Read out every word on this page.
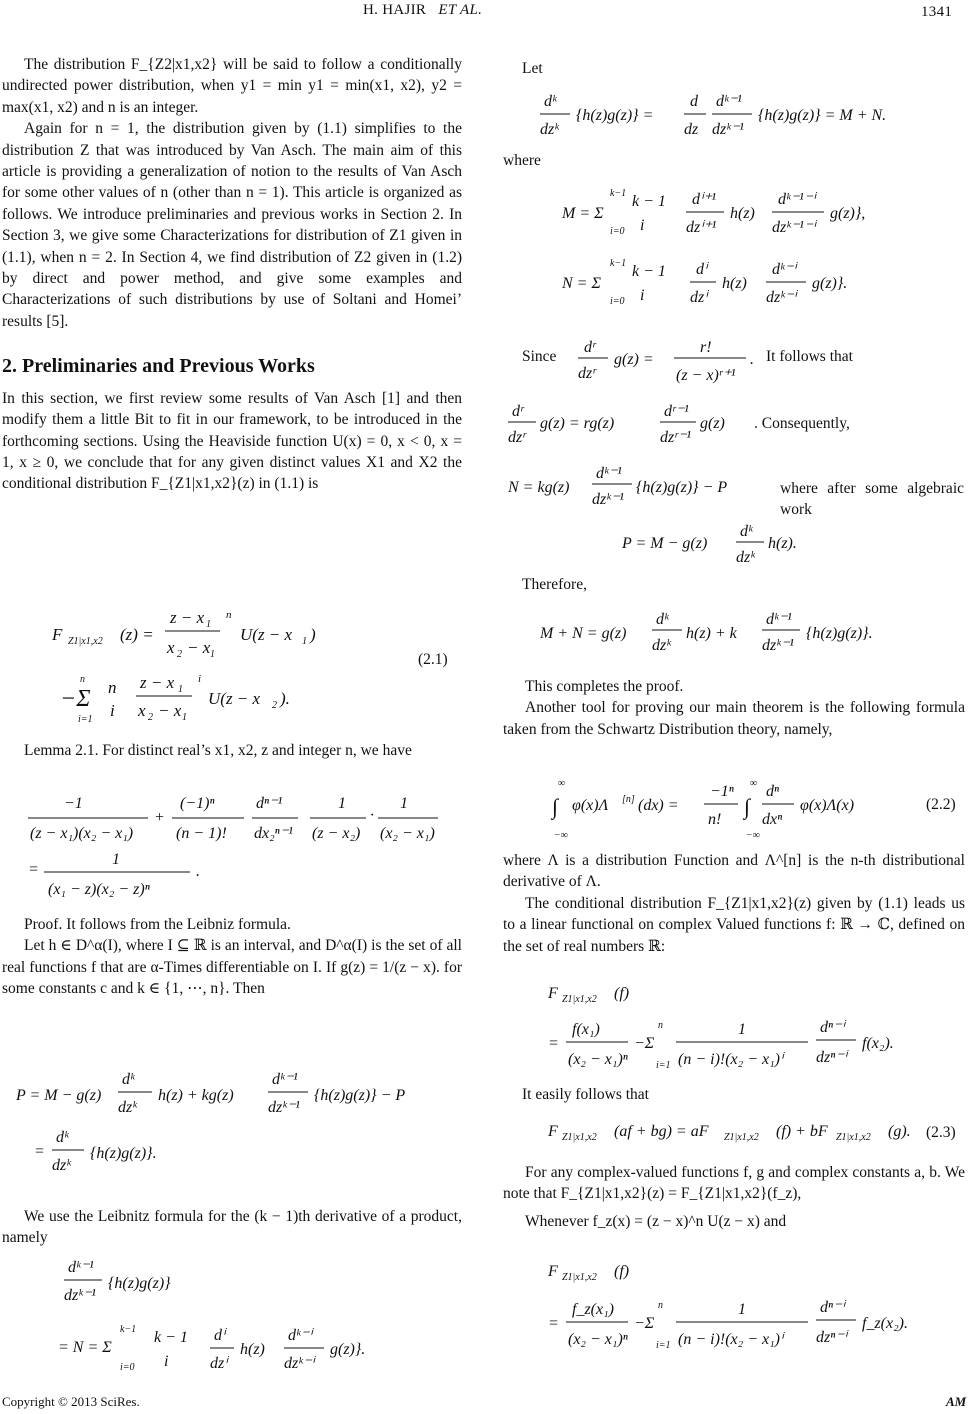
H. HAJIR ET AL.	1341

The distribution F_{Z2|x1,x2} will be said to follow a conditionally undirected power distribution, when y1 = min y1 = min(x1, x2), y2 = max(x1, x2) and n is an integer.

Again for n = 1, the distribution given by (1.1) simplifies to the distribution Z that was introduced by Van Asch. The main aim of this article is providing a generalization of notion to the results of Van Asch for some other values of n (other than n = 1). This article is organized as follows. We introduce preliminaries and previous works in Section 2. In Section 3, we give some Characterizations for distribution of Z1 given in (1.1), when n = 2. In Section 4, we find distribution of Z2 given in (1.2) by direct and power method, and give some examples and Characterizations of such distributions by use of Soltani and Homei’ results [5].

2. Preliminaries and Previous Works

In this section, we first review some results of Van Asch [1] and then modify them a little Bit to fit in our framework, to be introduced in the forthcoming sections. Using the Heaviside function U(x) = 0, x < 0, x = 1, x ≥ 0, we conclude that for any given distinct values X1 and X2 the conditional distribution F_{Z1|x1,x2}(z) in (1.1) is

F Z1|x1,x2 (z) =
z − x 1
x 2 − x 1
n
U(z − x 1 )
−Σ
n
i=1
n
i
z − x 1
x 2 − x 1
i
U(z − x 2 ).
(2.1)

Lemma 2.1. For distinct real’s x1, x2, z and integer n, we have

−1
(z − x₁)(x₂ − x₁)
+
(−1)ⁿ
(n − 1)!
dⁿ⁻¹
dx₂ⁿ⁻¹
1
(z − x₂)
·
1
(x₂ − x₁)
=
1
(x₁ − z)(x₂ − z)ⁿ
.

Proof. It follows from the Leibniz formula.

Let h ∈ D^α(I), where I ⊆ ℝ is an interval, and D^α(I) is the set of all real functions f that are α-Times differentiable on I. If g(z) = 1/(z − x). for some constants c and k ∈ {1, ⋯, n}. Then

P = M − g(z)
dᵏ
dzᵏ
h(z) + kg(z)
dᵏ⁻¹
dzᵏ⁻¹
{h(z)g(z)} − P
=
dᵏ
dzᵏ
{h(z)g(z)}.

We use the Leibnitz formula for the (k − 1)th derivative of a product, namely

dᵏ⁻¹
dzᵏ⁻¹
{h(z)g(z)}
= N = Σ
k−1
i=0
k − 1
i
dⁱ
dzⁱ
h(z)
dᵏ⁻ⁱ
dzᵏ⁻ⁱ
g(z)}.
Let
dᵏ
dzᵏ
{h(z)g(z)} =
d
dz
dᵏ⁻¹
dzᵏ⁻¹
{h(z)g(z)} = M + N.
where
M = Σ
k−1
i=0
k − 1
i
dⁱ⁺¹
dzⁱ⁺¹
h(z)
dᵏ⁻¹⁻ⁱ
dzᵏ⁻¹⁻ⁱ
g(z)},
N = Σ
k−1
i=0
k − 1
i
dⁱ
dzⁱ
h(z)
dᵏ⁻ⁱ
dzᵏ⁻ⁱ
g(z)}.
Since
dʳ
dzʳ
g(z) =
r!
(z − x)ʳ⁺¹
. It follows that
dʳ
dzʳ
g(z) = rg(z)
dʳ⁻¹
dzʳ⁻¹
g(z) . Consequently,
N = kg(z)
dᵏ⁻¹
dzᵏ⁻¹
{h(z)g(z)} − P	where after some algebraic work
P = M − g(z)
dᵏ
dzᵏ
h(z).
Therefore,
M + N = g(z)
dᵏ
dzᵏ
h(z) + k
dᵏ⁻¹
dzᵏ⁻¹
{h(z)g(z)}.

This completes the proof.

Another tool for proving our main theorem is the following formula taken from the Schwartz Distribution theory, namely,

∫
∞
−∞
φ(x)Λ [n] (dx) =
−1ⁿ
n!
∫
∞
−∞
dⁿ
dxⁿ
φ(x)Λ(x)	(2.2)

where Λ is a distribution Function and Λ^[n] is the n-th distributional derivative of Λ.

The conditional distribution F_{Z1|x1,x2}(z) given by (1.1) leads us to a linear functional on complex Valued functions f: ℝ → ℂ, defined on the set of real numbers ℝ:

F Z1|x1,x2 (f)
=
f(x₁)
(x₂ − x₁)ⁿ
−Σ
n
i=1
1
(n − i)!(x₂ − x₁)ⁱ
dⁿ⁻ⁱ
dzⁿ⁻ⁱ
f(x₂).
It easily follows that
F Z1|x1,x2 (af + bg) = aF Z1|x1,x2 (f) + bF Z1|x1,x2 (g). (2.3)

For any complex-valued functions f, g and complex constants a, b. We note that F_{Z1|x1,x2}(z) = F_{Z1|x1,x2}(f_z),

Whenever f_z(x) = (z − x)^n U(z − x) and

F Z1|x1,x2 (f)
=
f_z(x₁)
(x₂ − x₁)ⁿ
−Σ
n
i=1
1
(n − i)!(x₂ − x₁)ⁱ
dⁿ⁻ⁱ
dzⁿ⁻ⁱ
f_z(x₂).
Copyright © 2013 SciRes.	AM
